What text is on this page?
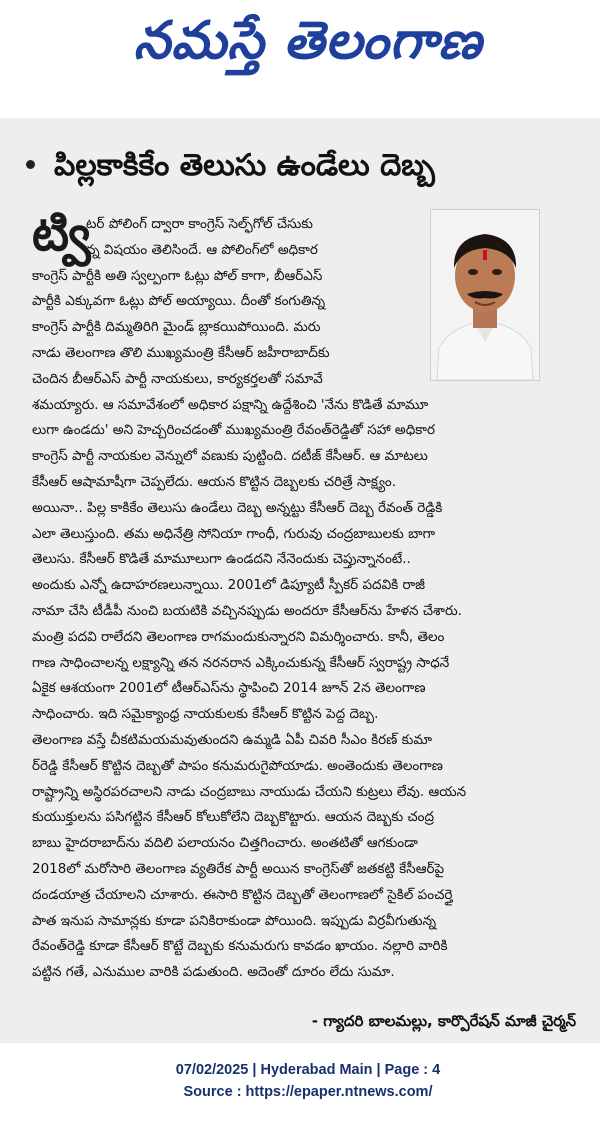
నమస్తే తెలంగాణ
పిల్లకాకికేం తెలుసు ఉండేలు దెబ్బ
ట్వి
టర్ పోలింగ్ ద్వారా కాంగ్రెస్ సెల్ఫ్‌గోల్ చేసుకు
న్న విషయం తెలిసిందే. ఆ పోలింగ్‌లో అధికార
కాంగ్రెస్ పార్టీకి అతి స్వల్పంగా ఓట్లు పోల్ కాగా, బీఆర్ఎస్
పార్టీకి ఎక్కువగా ఓట్లు పోల్ అయ్యాయి. దీంతో కంగుతిన్న
కాంగ్రెస్ పార్టీకి దిమ్మతిరిగి మైండ్ బ్లాకయిపోయింది. మరు
నాడు తెలంగాణ తొలి ముఖ్యమంత్రి కేసీఆర్ జహీరాబాద్‌కు
చెందిన బీఆర్ఎస్ పార్టీ నాయకులు, కార్యకర్తలతో సమావే
శమయ్యారు. ఆ సమావేశంలో అధికార పక్షాన్ని ఉద్దేశించి 'నేను కొడితే మామూ
లుగా ఉండదు' అని హెచ్చరించడంతో ముఖ్యమంత్రి రేవంత్‌రెడ్డితో సహా అధికార
కాంగ్రెస్ పార్టీ నాయకుల వెన్నులో వణుకు పుట్టింది. దటీజ్ కేసీఆర్. ఆ మాటలు
కేసీఆర్ ఆషామాషీగా చెప్పలేదు. ఆయన కొట్టిన దెబ్బలకు చరిత్రే సాక్ష్యం.
అయినా.. పిల్ల కాకికేం తెలుసు ఉండేలు దెబ్బ అన్నట్టు కేసీఆర్ దెబ్బ రేవంత్ రెడ్డికి
ఎలా తెలుస్తుంది. తమ అధినేత్రి సోనియా గాంధీ, గురువు చంద్రబాబులకు బాగా
తెలుసు. కేసీఆర్ కొడితే మామూలుగా ఉండదని నేనెందుకు చెప్తున్నానంటే..
అందుకు ఎన్నో ఉదాహరణలున్నాయి. 2001లో డిప్యూటీ స్పీకర్ పదవికి రాజీ
నామా చేసి టీడీపీ నుంచి బయటికి వచ్చినప్పుడు అందరూ కేసీఆర్‌ను హేళన చేశారు.
మంత్రి పదవి రాలేదని తెలంగాణ రాగమందుకున్నారని విమర్శించారు. కానీ, తెలం
గాణ సాధించాలన్న లక్ష్యాన్ని తన నరనరాన ఎక్కించుకున్న కేసీఆర్ స్వరాష్ట్ర సాధనే
ఏకైక ఆశయంగా 2001లో టీఆర్ఎస్‌ను స్థాపించి 2014 జూన్ 2న తెలంగాణ
సాధించారు. ఇది సమైక్యాంధ్ర నాయకులకు కేసీఆర్ కొట్టిన పెద్ద దెబ్బ.
తెలంగాణ వస్తే చీకటిమయమవుతుందని ఉమ్మడి ఏపీ చివరి సీఎం కిరణ్ కుమా
ర్‌రెడ్డి కేసీఆర్ కొట్టిన దెబ్బతో పాపం కనుమరుగైపోయాడు. అంతెందుకు తెలంగాణ
రాష్ట్రాన్ని అస్థిరపరచాలని నాడు చంద్రబాబు నాయుడు చేయని కుట్రలు లేవు. ఆయన
కుయుక్తులను పసిగట్టిన కేసీఆర్ కోలుకోలేని దెబ్బకొట్టారు. ఆయన దెబ్బకు చంద్ర
బాబు హైదరాబాద్‌ను వదిలి పలాయనం చిత్తగించారు. అంతటితో ఆగకుండా
2018లో మరోసారి తెలంగాణ వ్యతిరేక పార్టీ అయిన కాంగ్రెస్‌తో జతకట్టి కేసీఆర్‌పై
దండయాత్ర చేయాలని చూశారు. ఈసారి కొట్టిన దెబ్బతో తెలంగాణలో సైకిల్ పంచర్తై
పాత ఇనుప సామాన్లకు కూడా పనికిరాకుండా పోయింది. ఇప్పుడు విర్రవీగుతున్న
రేవంత్‌రెడ్డి కూడా కేసీఆర్ కొట్టే దెబ్బకు కనుమరుగు కావడం ఖాయం. నల్లారి వారికి
పట్టిన గతే, ఎనుముల వారికి పడుతుంది. అదెంతో దూరం లేదు సుమా.
- గ్యాదరి బాలమల్లు, కార్పొరేషన్ మాజీ చైర్మన్
07/02/2025 | Hyderabad Main | Page : 4
Source : https://epaper.ntnews.com/
